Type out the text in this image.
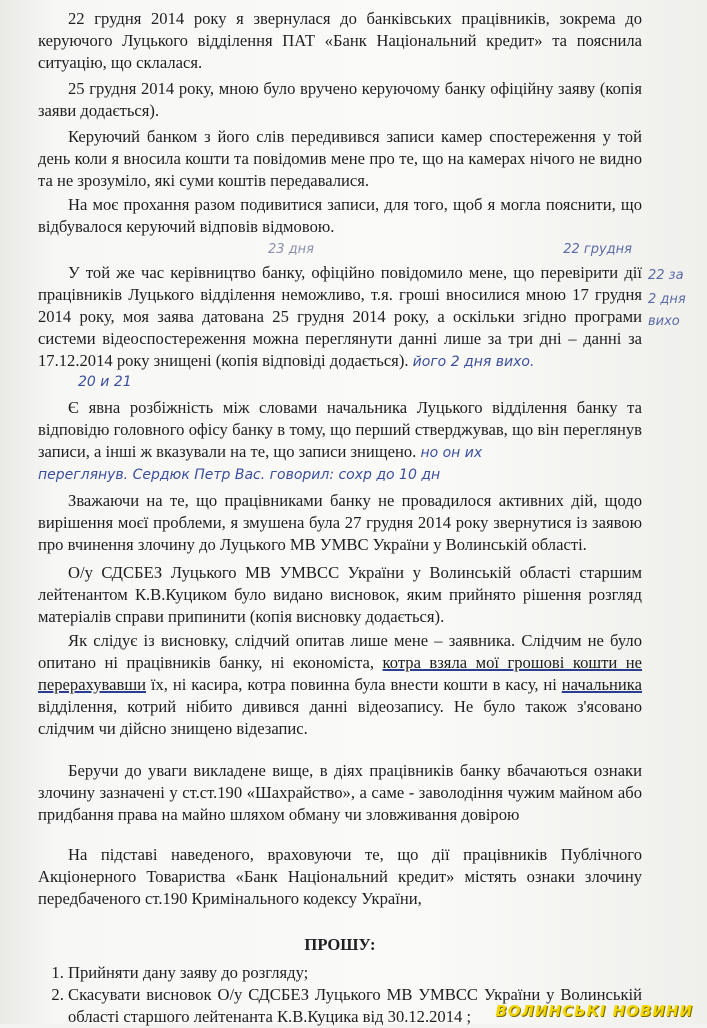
22 грудня 2014 року я звернулася до банківських працівників, зокрема до керуючого Луцького відділення ПАТ «Банк Національний кредит» та пояснила ситуацію, що склалася.

25 грудня 2014 року, мною було вручено керуючому банку офіційну заяву (копія заяви додається).

Керуючий банком з його слів передивився записи камер спостереження у той день коли я вносила кошти та повідомив мене про те, що на камерах нічого не видно та не зрозуміло, які суми коштів передавалися.

На моє прохання разом подивитися записи, для того, щоб я могла пояснити, що відбувалося керуючий відповів відмовою.

23 дня	22 грудня

У той же час керівництво банку, офіційно повідомило мене, що перевірити дії працівників Луцького відділення неможливо, т.я. гроші вносилися мною 17 грудня 2014 року, моя заява датована 25 грудня 2014 року, а оскільки згідно програми системи відеоспостереження можна переглянути данні лише за три дні – данні за 17.12.2014 року знищені (копія відповіді додається). його 2 дня вихо.

20 и 21

Є явна розбіжність між словами начальника Луцького відділення банку та відповідю головного офісу банку в тому, що перший стверджував, що він переглянув записи, а інші ж вказували на те, що записи знищено. но он их

переглянув. Сердюк Петр Вас. говорил: сохр до 10 дн

Зважаючи на те, що працівниками банку не провадилося активних дій, щодо вирішення моєї проблеми, я змушена була 27 грудня 2014 року звернутися із заявою про вчинення злочину до Луцького МВ УМВС України у Волинській області.

О/у СДСБЕЗ Луцького МВ УМВСС України у Волинській області старшим лейтенантом К.В.Куциком було видано висновок, яким прийнято рішення розгляд матеріалів справи припинити (копія висновку додається).

Як слідує із висновку, слідчий опитав лише мене – заявника. Слідчим не було опитано ні працівників банку, ні економіста, котра взяла мої грошові кошти не перерахувавши їх, ні касира, котра повинна була внести кошти в касу, ні начальника відділення, котрий нібито дивився данні відеозапису. Не було також з'ясовано слідчим чи дійсно знищено відезапис.

Беручи до уваги викладене вище, в діях працівників банку вбачаються ознаки злочину зазначені у ст.ст.190 «Шахрайство», а саме - заволодіння чужим майном або придбання права на майно шляхом обману чи зловживання довірою

На підставі наведеного, враховуючи те, що дії працівників Публічного Акціонерного Товариства «Банк Національний кредит» містять ознаки злочину передбаченого ст.190 Кримінального кодексу України,

ПРОШУ:

1. Прийняти дану заяву до розгляду;
2. Скасувати висновок О/у СДСБЕЗ Луцького МВ УМВСС України у Волинській області старшого лейтенанта К.В.Куцика від 30.12.2014 ;
22 за
2 дня
вихо
ВОЛИНСЬКІ НОВИНИ
